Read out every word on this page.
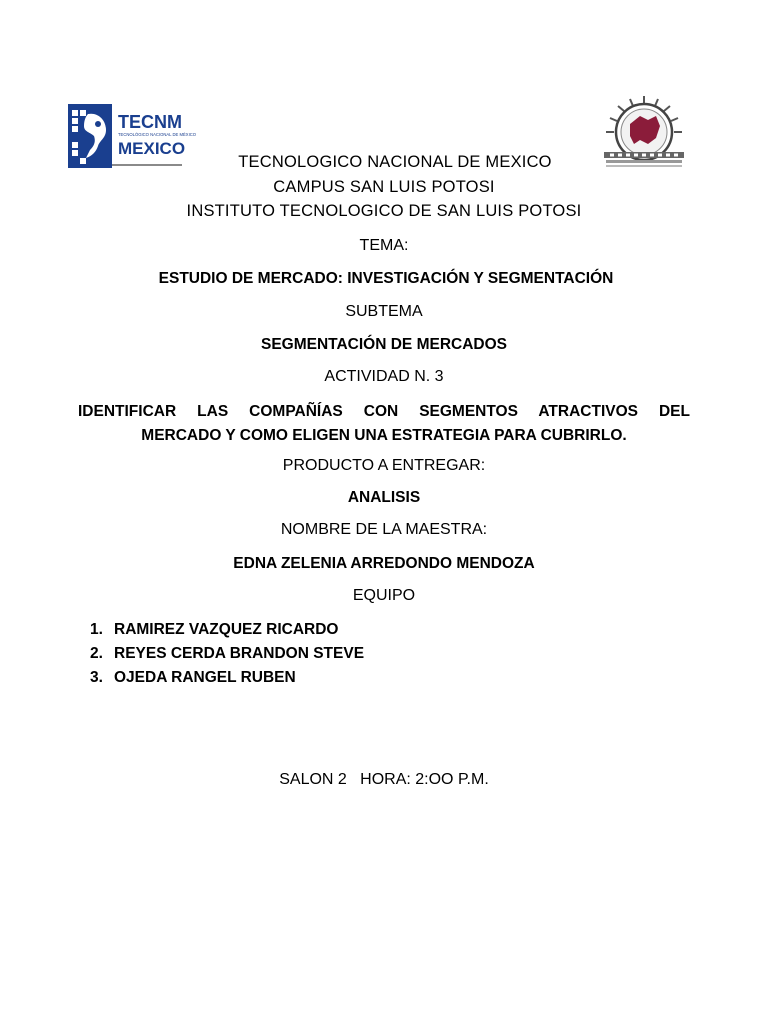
TECNM
TECNOLÓGICO NACIONAL DE MÉXICO
MEXICO
TECNOLOGICO NACIONAL DE MEXICO
CAMPUS SAN LUIS POTOSI
INSTITUTO TECNOLOGICO DE SAN LUIS POTOSI
TEMA:
ESTUDIO DE MERCADO: INVESTIGACIÓN Y SEGMENTACIÓN
SUBTEMA
SEGMENTACIÓN DE MERCADOS
ACTIVIDAD N. 3
IDENTIFICAR LAS COMPAÑÍAS CON SEGMENTOS ATRACTIVOS DEL
MERCADO Y COMO ELIGEN UNA ESTRATEGIA PARA CUBRIRLO.
PRODUCTO A ENTREGAR:
ANALISIS
NOMBRE DE LA MAESTRA:
EDNA ZELENIA ARREDONDO MENDOZA
EQUIPO
1. RAMIREZ VAZQUEZ RICARDO
2. REYES CERDA BRANDON STEVE
3. OJEDA RANGEL RUBEN
SALON 2   HORA: 2:OO P.M.
